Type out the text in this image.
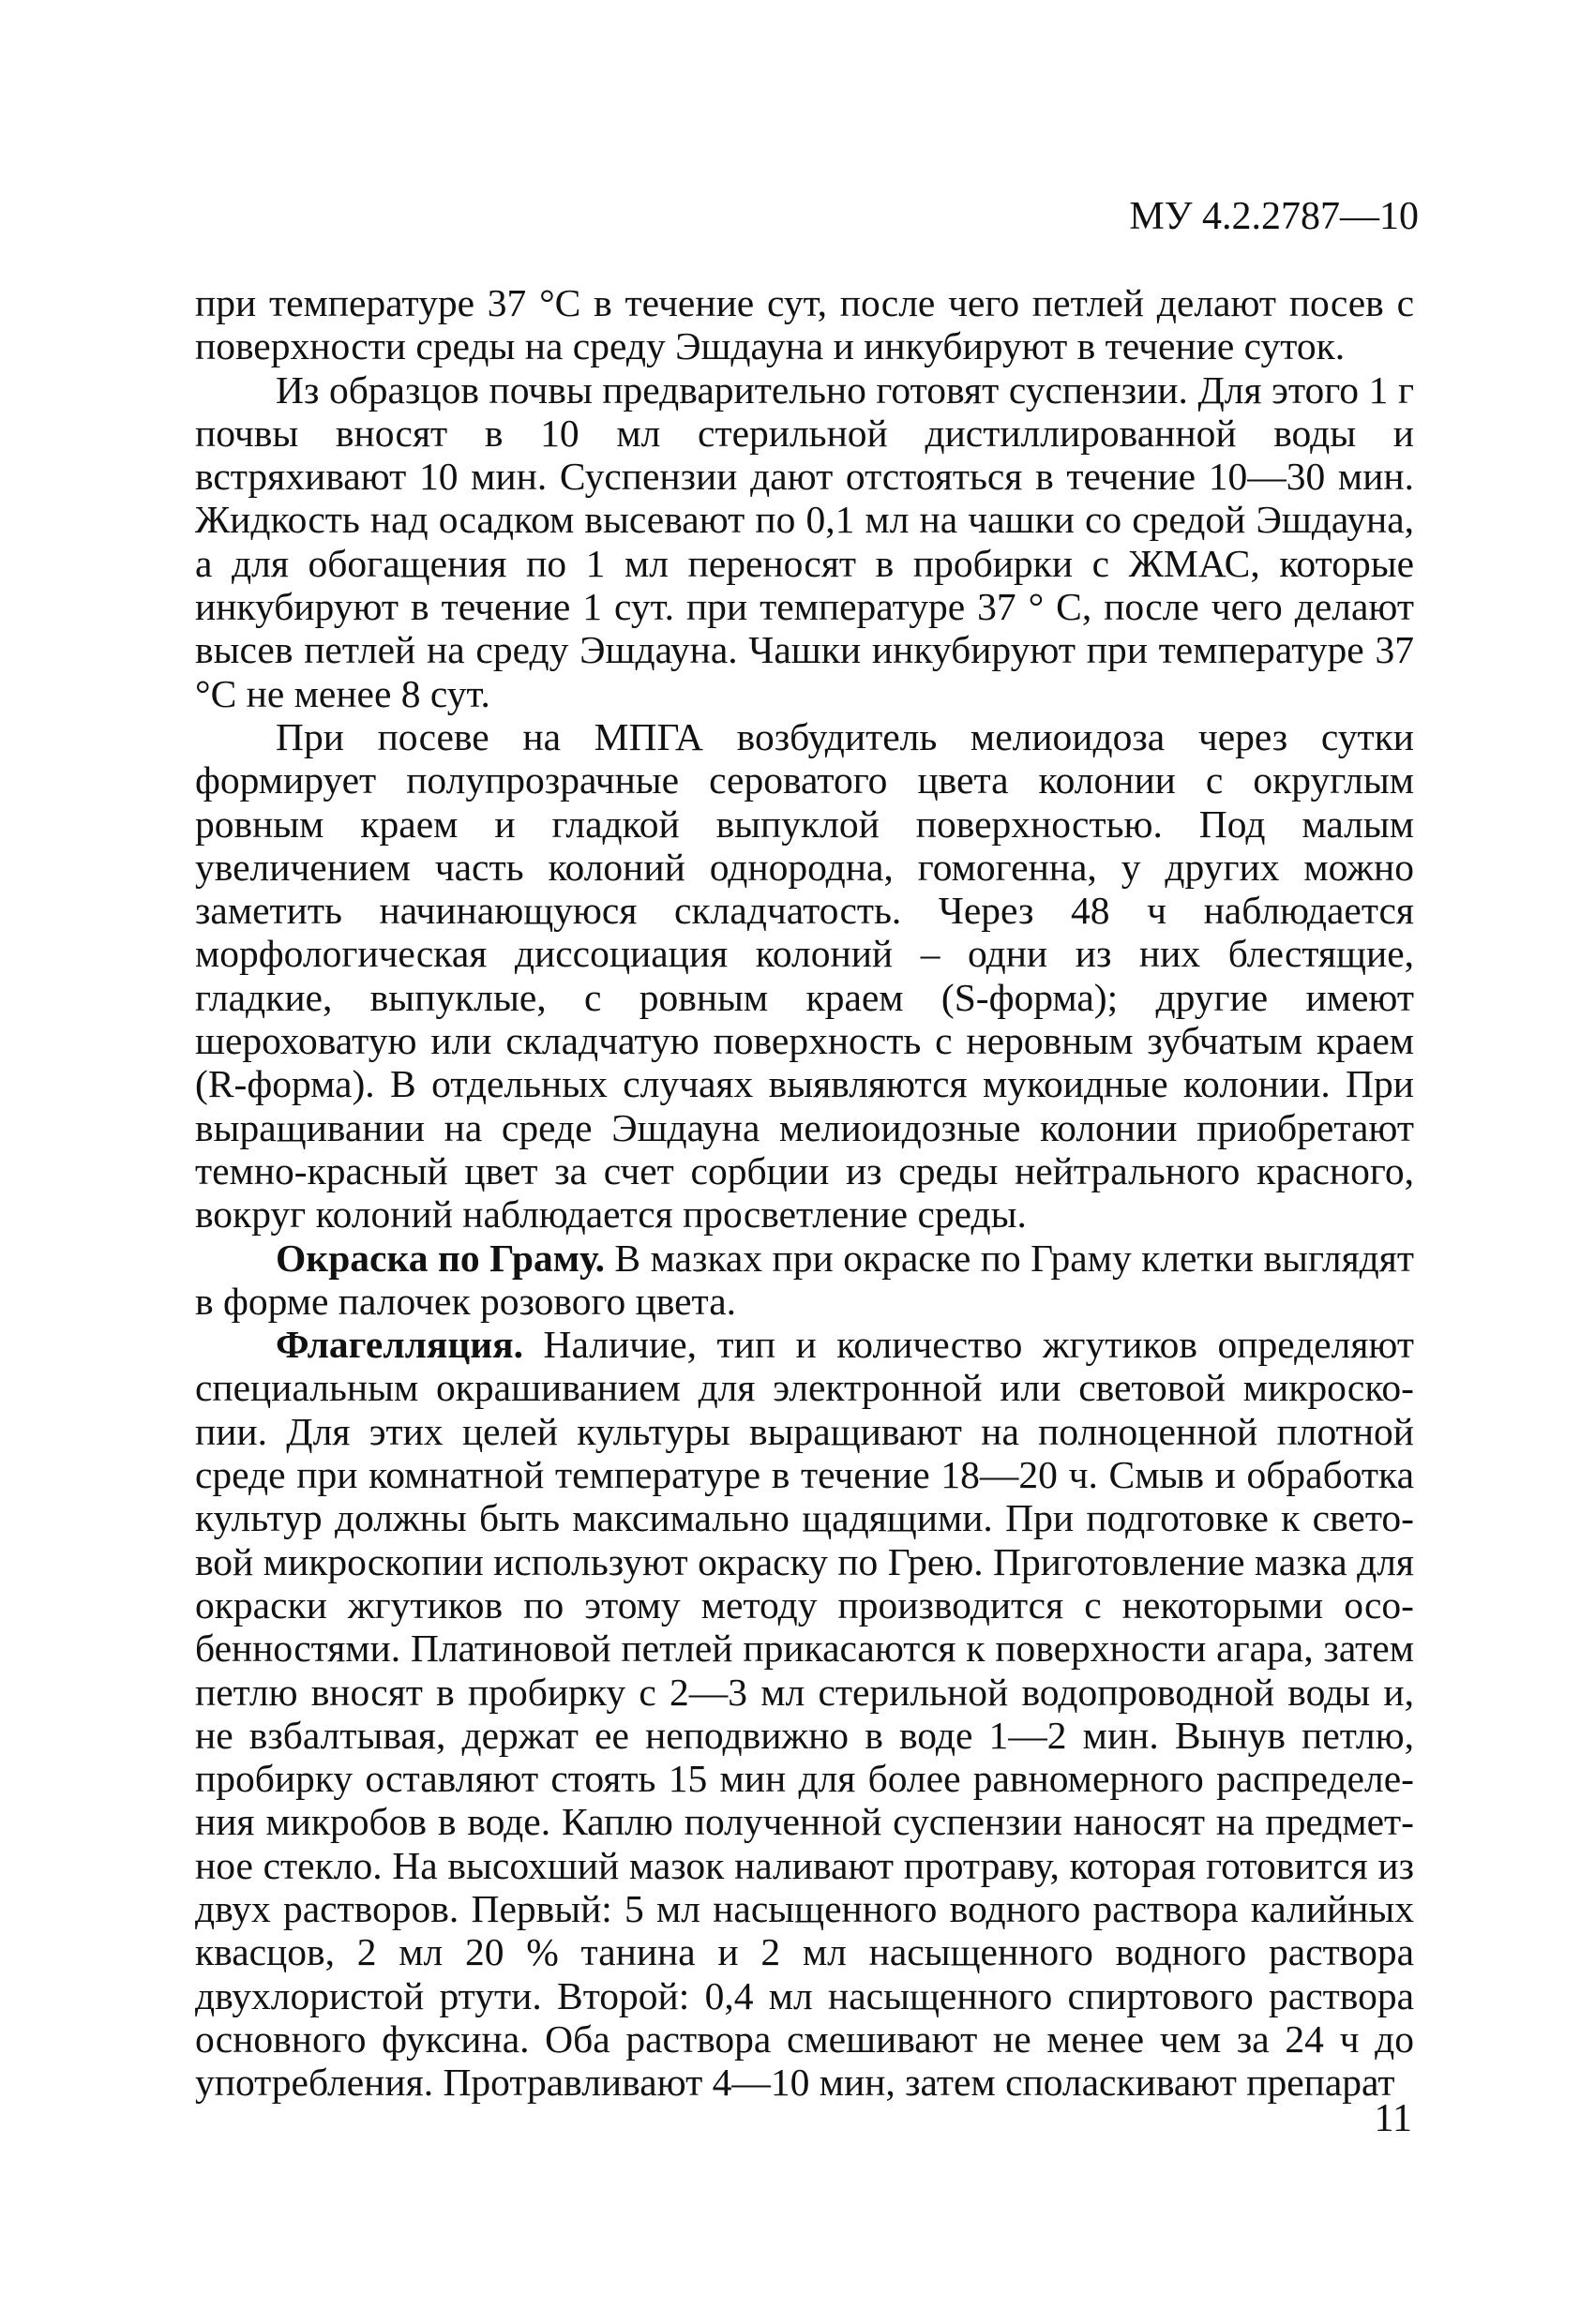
МУ 4.2.2787—10

при температуре 37 °С в течение сут, после чего петлей делают посев с поверхности среды на среду Эшдауна и инкубируют в течение суток.

Из образцов почвы предварительно готовят суспензии. Для этого 1 г почвы вносят в 10 мл стерильной дистиллированной воды и встряхивают 10 мин. Суспензии дают отстояться в течение 10—30 мин. Жидкость над осадком высевают по 0,1 мл на чашки со средой Эшдауна, а для обогащения по 1 мл переносят в пробирки с ЖМАС, которые инкубируют в течение 1 сут. при температуре 37 ° С, после чего делают высев петлей на среду Эшдауна. Чашки инкубируют при температуре 37 °С не менее 8 сут.

При посеве на МПГА возбудитель мелиоидоза через сутки формирует полупрозрачные сероватого цвета колонии с округлым ровным краем и гладкой выпуклой поверхностью. Под малым увеличением часть колоний однородна, гомогенна, у других можно заметить начинающуюся складчатость. Через 48 ч наблюдается морфологическая диссоциация колоний – одни из них блестящие, гладкие, выпуклые, с ровным краем (S-форма); другие имеют шероховатую или складчатую поверхность с неровным зубчатым краем (R-форма). В отдельных случаях выявляются мукоидные колонии. При выращивании на среде Эшдауна мелиоидозные колонии приобретают темно-красный цвет за счет сорбции из среды нейтрального красного, вокруг колоний наблюдается просветление среды.

Окраска по Граму. В мазках при окраске по Граму клетки выглядят в форме палочек розового цвета.

Флагелляция. Наличие, тип и количество жгутиков определяют специальным окрашиванием для электронной или световой микроскопии. Для этих целей культуры выращивают на полноценной плотной среде при комнатной температуре в течение 18—20 ч. Смыв и обработка культур должны быть максимально щадящими. При подготовке к световой микроскопии используют окраску по Грею. Приготовление мазка для окраски жгутиков по этому методу производится с некоторыми особенностями. Платиновой петлей прикасаются к поверхности агара, затем петлю вносят в пробирку с 2—3 мл стерильной водопроводной воды и, не взбалтывая, держат ее неподвижно в воде 1—2 мин. Вынув петлю, пробирку оставляют стоять 15 мин для более равномерного распределения микробов в воде. Каплю полученной суспензии наносят на предметное стекло. На высохший мазок наливают протраву, которая готовится из двух растворов. Первый: 5 мл насыщенного водного раствора калийных квасцов, 2 мл 20 % танина и 2 мл насыщенного водного раствора двухлористой ртути. Второй: 0,4 мл насыщенного спиртового раствора основного фуксина. Оба раствора смешивают не менее чем за 24 ч до употребления. Протравливают 4—10 мин, затем споласкивают препарат

11
